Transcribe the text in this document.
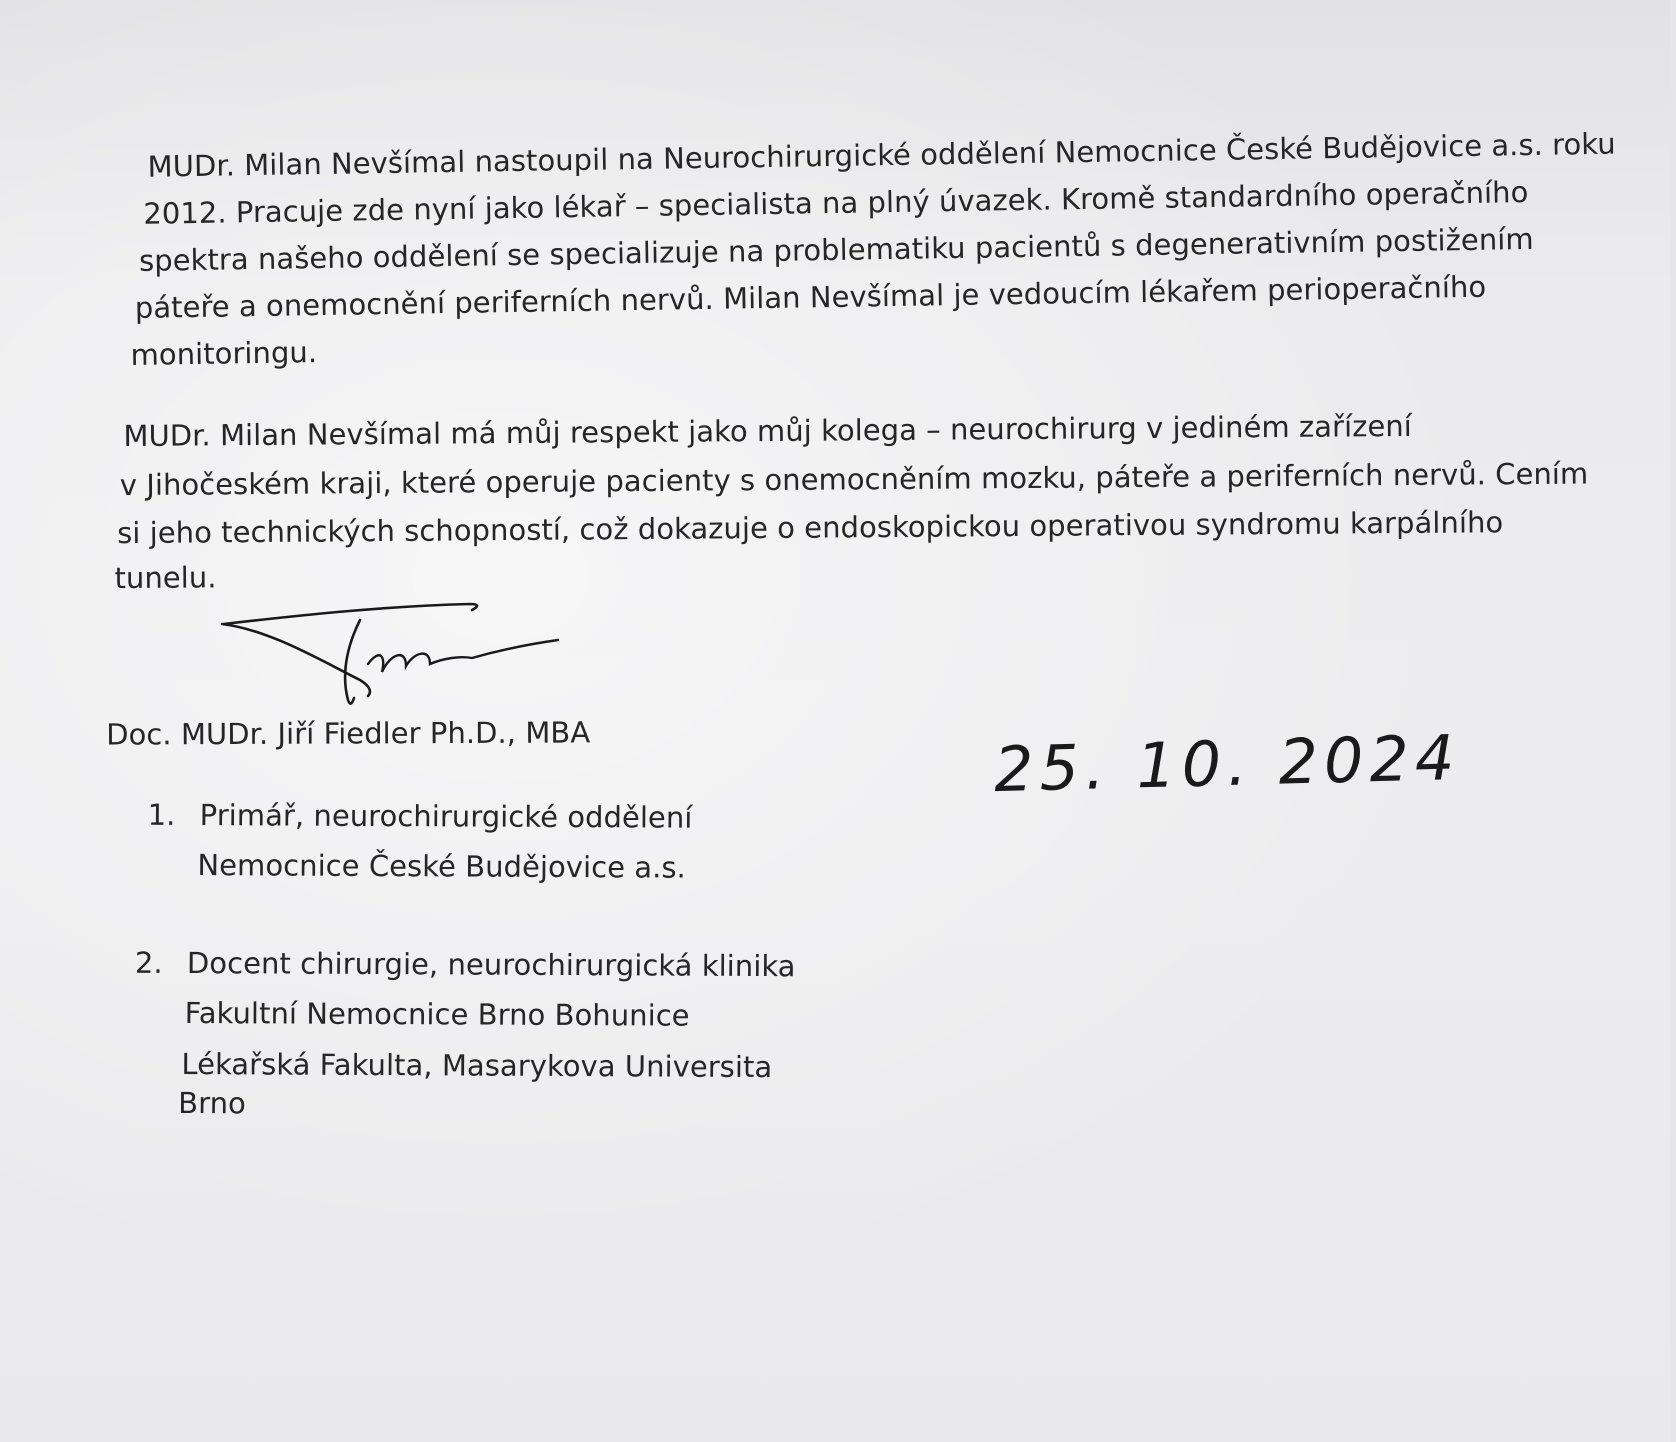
MUDr. Milan Nevšímal nastoupil na Neurochirurgické oddělení Nemocnice České Budějovice a.s. roku
2012. Pracuje zde nyní jako lékař – specialista na plný úvazek. Kromě standardního operačního
spektra našeho oddělení se specializuje na problematiku pacientů s degenerativním postižením
páteře a onemocnění periferních nervů. Milan Nevšímal je vedoucím lékařem perioperačního
monitoringu.
MUDr. Milan Nevšímal má můj respekt jako můj kolega – neurochirurg v jediném zařízení
v Jihočeském kraji, které operuje pacienty s onemocněním mozku, páteře a periferních nervů. Cením
si jeho technických schopností, což dokazuje o endoskopickou operativou syndromu karpálního
tunelu.
Doc. MUDr. Jiří Fiedler Ph.D., MBA	25. 10. 2024
1. Primář, neurochirurgické oddělení
Nemocnice České Budějovice a.s.
2. Docent chirurgie, neurochirurgická klinika
Fakultní Nemocnice Brno Bohunice
Lékařská Fakulta, Masarykova Universita
Brno
